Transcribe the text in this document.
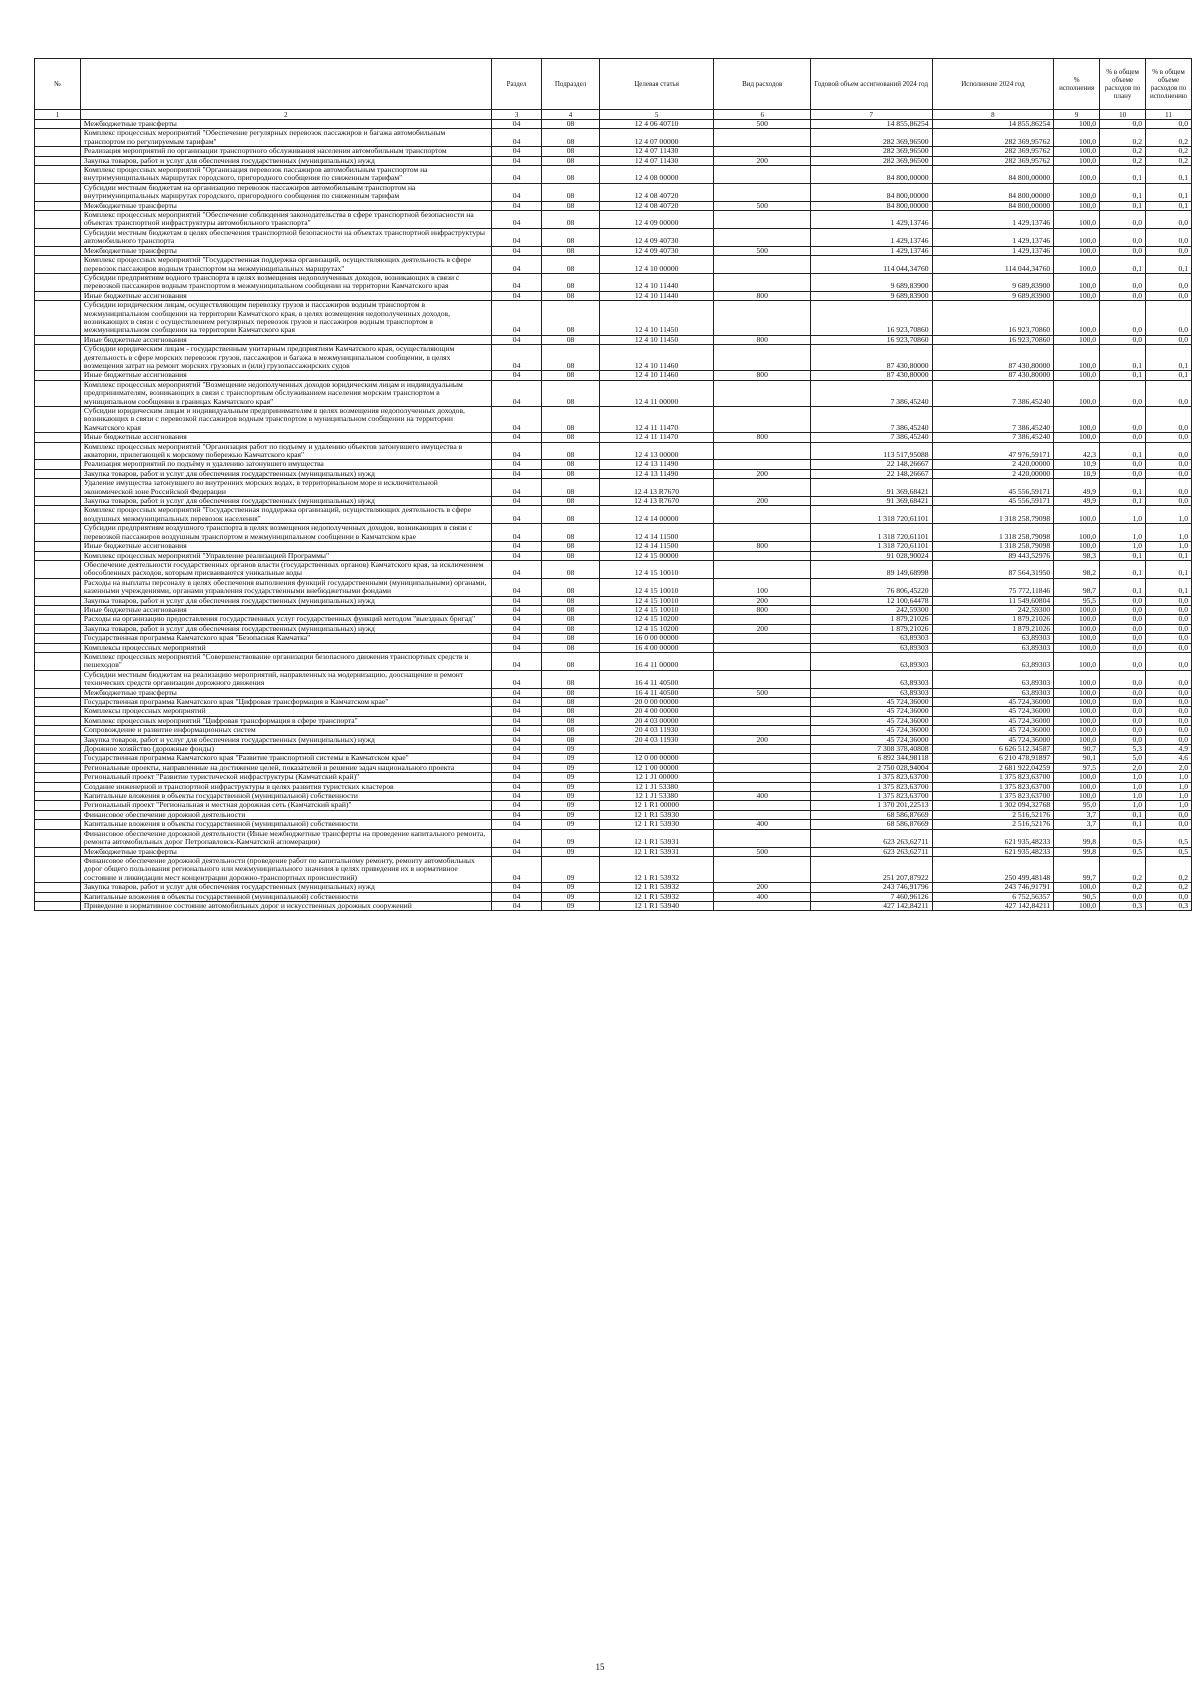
№		Раздел	Подраздел	Целевая статья	Вид расходов	Годовой объем ассигнований 2024 год	Исполнение 2024 год	% исполнения	% в общем объеме расходов по плану	% в общем объеме расходов по исполнению
1	2	3	4	5	6	7	8	9	10	11
	Межбюджетные трансферты	04	08	12 4 06 40710	500	14 855,86254	14 855,86254	100,0	0,0	0,0
	Комплекс процессных мероприятий "Обеспечение регулярных перевозок пассажиров и багажа автомобильным транспортом по регулируемым тарифам"	04	08	12 4 07 00000		282 369,96500	282 369,95762	100,0	0,2	0,2
	Реализация мероприятий по организации транспортного обслуживания населения автомобильным транспортом	04	08	12 4 07 11430		282 369,96500	282 369,95762	100,0	0,2	0,2
	Закупка товаров, работ и услуг для обеспечения государственных (муниципальных) нужд	04	08	12 4 07 11430	200	282 369,96500	282 369,95762	100,0	0,2	0,2
	Комплекс процессных мероприятий "Организация перевозок пассажиров автомобильным транспортом на внутримуниципальных маршрутах городского, пригородного сообщения по сниженным тарифам"	04	08	12 4 08 00000		84 800,00000	84 800,00000	100,0	0,1	0,1
	Субсидии местным бюджетам на организацию перевозок пассажиров автомобильным транспортом на внутримуниципальных маршрутах городского, пригородного сообщения по сниженным тарифам	04	08	12 4 08 40720		84 800,00000	84 800,00000	100,0	0,1	0,1
	Межбюджетные трансферты	04	08	12 4 08 40720	500	84 800,00000	84 800,00000	100,0	0,1	0,1
	Комплекс процессных мероприятий "Обеспечение соблюдения законодательства в сфере транспортной безопасности на объектах транспортной инфраструктуры автомобильного транспорта"	04	08	12 4 09 00000		1 429,13746	1 429,13746	100,0	0,0	0,0
	Субсидии местным бюджетам в целях обеспечения транспортной безопасности на объектах транспортной инфраструктуры автомобильного транспорта	04	08	12 4 09 40730		1 429,13746	1 429,13746	100,0	0,0	0,0
	Межбюджетные трансферты	04	08	12 4 09 40730	500	1 429,13746	1 429,13746	100,0	0,0	0,0
	Комплекс процессных мероприятий "Государственная поддержка организаций, осуществляющих деятельность в сфере перевозок пассажиров водным транспортом на межмуниципальных маршрутах"	04	08	12 4 10 00000		114 044,34760	114 044,34760	100,0	0,1	0,1
	Субсидии предприятиям водного транспорта в целях возмещения недополученных доходов, возникающих в связи с перевозкой пассажиров водным транспортом в межмуниципальном сообщении на территории Камчатского края	04	08	12 4 10 11440		9 689,83900	9 689,83900	100,0	0,0	0,0
	Иные бюджетные ассигнования	04	08	12 4 10 11440	800	9 689,83900	9 689,83900	100,0	0,0	0,0
	Субсидии юридическим лицам, осуществляющим перевозку грузов и пассажиров водным транспортом в межмуниципальном сообщении на территории Камчатского края, в целях возмещения недополученных доходов, возникающих в связи с осуществлением регулярных перевозок грузов и пассажиров водным транспортом в межмуниципальном сообщении на территории Камчатского края	04	08	12 4 10 11450		16 923,70860	16 923,70860	100,0	0,0	0,0
	Иные бюджетные ассигнования	04	08	12 4 10 11450	800	16 923,70860	16 923,70860	100,0	0,0	0,0
	Субсидии юридическим лицам - государственным унитарным предприятиям Камчатского края, осуществляющим деятельность в сфере морских перевозок грузов, пассажиров и багажа в межмуниципальном сообщении, в целях возмещения затрат на ремонт морских грузовых и (или) грузопассажирских судов	04	08	12 4 10 11460		87 430,80000	87 430,80000	100,0	0,1	0,1
	Иные бюджетные ассигнования	04	08	12 4 10 11460	800	87 430,80000	87 430,80000	100,0	0,1	0,1
	Комплекс процессных мероприятий "Возмещение недополученных доходов юридическим лицам и индивидуальным предпринимателям, возникающих в связи с транспортным обслуживанием населения морским транспортом в муниципальном сообщении в границах Камчатского края"	04	08	12 4 11 00000		7 386,45240	7 386,45240	100,0	0,0	0,0
	Субсидии юридическим лицам и индивидуальным предпринимателям в целях возмещения недополученных доходов, возникающих в связи с перевозкой пассажиров водным транспортом в муниципальном сообщении на территории Камчатского края	04	08	12 4 11 11470		7 386,45240	7 386,45240	100,0	0,0	0,0
	Иные бюджетные ассигнования	04	08	12 4 11 11470	800	7 386,45240	7 386,45240	100,0	0,0	0,0
	Комплекс процессных мероприятий "Организация работ по подъему и удалению объектов затонувшего имущества в акватории, прилегающей к морскому побережью Камчатского края"	04	08	12 4 13 00000		113 517,95088	47 976,59171	42,3	0,1	0,0
	Реализация мероприятий по подъёму и удалению затонувшего имущества	04	08	12 4 13 11490		22 148,26667	2 420,00000	10,9	0,0	0,0
	Закупка товаров, работ и услуг для обеспечения государственных (муниципальных) нужд	04	08	12 4 13 11490	200	22 148,26667	2 420,00000	10,9	0,0	0,0
	Удаление имущества затонувшего во внутренних морских водах, в территориальном море и исключительной экономической зоне Российской Федерации	04	08	12 4 13 R7670		91 369,68421	45 556,59171	49,9	0,1	0,0
	Закупка товаров, работ и услуг для обеспечения государственных (муниципальных) нужд	04	08	12 4 13 R7670	200	91 369,68421	45 556,59171	49,9	0,1	0,0
	Комплекс процессных мероприятий "Государственная поддержка организаций, осуществляющих деятельность в сфере воздушных межмуниципальных перевозок населения"	04	08	12 4 14 00000		1 318 720,61101	1 318 258,79098	100,0	1,0	1,0
	Субсидии предприятиям воздушного транспорта в целях возмещения недополученных доходов, возникающих в связи с перевозкой пассажиров воздушным транспортом в межмуниципальном сообщении в Камчатском крае	04	08	12 4 14 11500		1 318 720,61101	1 318 258,79098	100,0	1,0	1,0
	Иные бюджетные ассигнования	04	08	12 4 14 11500	800	1 318 720,61101	1 318 258,79098	100,0	1,0	1,0
	Комплекс процессных мероприятий "Управление реализацией Программы"	04	08	12 4 15 00000		91 028,90024	89 443,52976	98,3	0,1	0,1
	Обеспечение деятельности государственных органов власти (государственных органов) Камчатского края, за исключением обособленных расходов, которым присваиваются уникальные коды	04	08	12 4 15 10010		89 149,68998	87 564,31950	98,2	0,1	0,1
	Расходы на выплаты персоналу в целях обеспечения выполнения функций государственными (муниципальными) органами, казенными учреждениями, органами управления государственными внебюджетными фондами	04	08	12 4 15 10010	100	76 806,45220	75 772,11846	98,7	0,1	0,1
	Закупка товаров, работ и услуг для обеспечения государственных (муниципальных) нужд	04	08	12 4 15 10010	200	12 100,64478	11 549,60804	95,5	0,0	0,0
	Иные бюджетные ассигнования	04	08	12 4 15 10010	800	242,59300	242,59300	100,0	0,0	0,0
	Расходы на организацию предоставления государственных услуг государственных функций методом "выездных бригад"	04	08	12 4 15 10200		1 879,21026	1 879,21026	100,0	0,0	0,0
	Закупка товаров, работ и услуг для обеспечения государственных (муниципальных) нужд	04	08	12 4 15 10200	200	1 879,21026	1 879,21026	100,0	0,0	0,0
	Государственная программа Камчатского края "Безопасная Камчатка"	04	08	16 0 00 00000		63,89303	63,89303	100,0	0,0	0,0
	Комплексы процессных мероприятий	04	08	16 4 00 00000		63,89303	63,89303	100,0	0,0	0,0
	Комплекс процессных мероприятий "Совершенствование организации безопасного движения транспортных средств и пешеходов"	04	08	16 4 11 00000		63,89303	63,89303	100,0	0,0	0,0
	Субсидии местным бюджетам на реализацию мероприятий, направленных на модернизацию, дооснащение и ремонт технических средств организации дорожного движения	04	08	16 4 11 40500		63,89303	63,89303	100,0	0,0	0,0
	Межбюджетные трансферты	04	08	16 4 11 40500	500	63,89303	63,89303	100,0	0,0	0,0
	Государственная программа Камчатского края "Цифровая трансформация в Камчатском крае"	04	08	20 0 00 00000		45 724,36000	45 724,36000	100,0	0,0	0,0
	Комплексы процессных мероприятий	04	08	20 4 00 00000		45 724,36000	45 724,36000	100,0	0,0	0,0
	Комплекс процессных мероприятий "Цифровая трансформация в сфере транспорта"	04	08	20 4 03 00000		45 724,36000	45 724,36000	100,0	0,0	0,0
	Сопровождение и развитие информационных систем	04	08	20 4 03 11930		45 724,36000	45 724,36000	100,0	0,0	0,0
	Закупка товаров, работ и услуг для обеспечения государственных (муниципальных) нужд	04	08	20 4 03 11930	200	45 724,36000	45 724,36000	100,0	0,0	0,0
	Дорожное хозяйство (дорожные фонды)	04	09			7 308 378,40808	6 626 512,34587	90,7	5,3	4,9
	Государственная программа Камчатского края "Развитие транспортной системы в Камчатском крае"	04	09	12 0 00 00000		6 892 344,98118	6 210 478,91897	90,1	5,0	4,6
	Региональные проекты, направленные на достижение целей, показателей и решение задач национального проекта	04	09	12 1 00 00000		2 750 028,94004	2 681 922,04259	97,5	2,0	2,0
	Региональный проект "Развитие туристической инфраструктуры (Камчатский край)"	04	09	12 1 J1 00000		1 375 823,63700	1 375 823,63700	100,0	1,0	1,0
	Создание инженерной и транспортной инфраструктуры в целях развития туристских кластеров	04	09	12 1 J1 53380		1 375 823,63700	1 375 823,63700	100,0	1,0	1,0
	Капитальные вложения в объекты государственной (муниципальной) собственности	04	09	12 1 J1 53380	400	1 375 823,63700	1 375 823,63700	100,0	1,0	1,0
	Региональный проект "Региональная и местная дорожная сеть (Камчатский край)"	04	09	12 1 R1 00000		1 370 201,22513	1 302 094,32768	95,0	1,0	1,0
	Финансовое обеспечение дорожной деятельности	04	09	12 1 R1 53930		68 586,87669	2 516,52176	3,7	0,1	0,0
	Капитальные вложения в объекты государственной (муниципальной) собственности	04	09	12 1 R1 53930	400	68 586,87669	2 516,52176	3,7	0,1	0,0
	Финансовое обеспечение дорожной деятельности (Иные межбюджетные трансферты на проведение капитального ремонта, ремонта автомобильных дорог Петропавловск-Камчатской агломерации)	04	09	12 1 R1 53931		623 263,62711	621 935,48233	99,8	0,5	0,5
	Межбюджетные трансферты	04	09	12 1 R1 53931	500	623 263,62711	621 935,48233	99,8	0,5	0,5
	Финансовое обеспечение дорожной деятельности (проведение работ по капитальному ремонту, ремонту автомобильных дорог общего пользования регионального или межмуниципального значения в целях приведения их в нормативное состояние и ликвидации мест концентрации дорожно-транспортных происшествий)	04	09	12 1 R1 53932		251 207,87922	250 499,48148	99,7	0,2	0,2
	Закупка товаров, работ и услуг для обеспечения государственных (муниципальных) нужд	04	09	12 1 R1 53932	200	243 746,91796	243 746,91791	100,0	0,2	0,2
	Капитальные вложения в объекты государственной (муниципальной) собственности	04	09	12 1 R1 53932	400	7 460,96126	6 752,56357	90,5	0,0	0,0
	Приведение в нормативное состояние автомобильных дорог и искусственных дорожных сооружений	04	09	12 1 R1 53940		427 142,84211	427 142,84211	100,0	0,3	0,3
15
